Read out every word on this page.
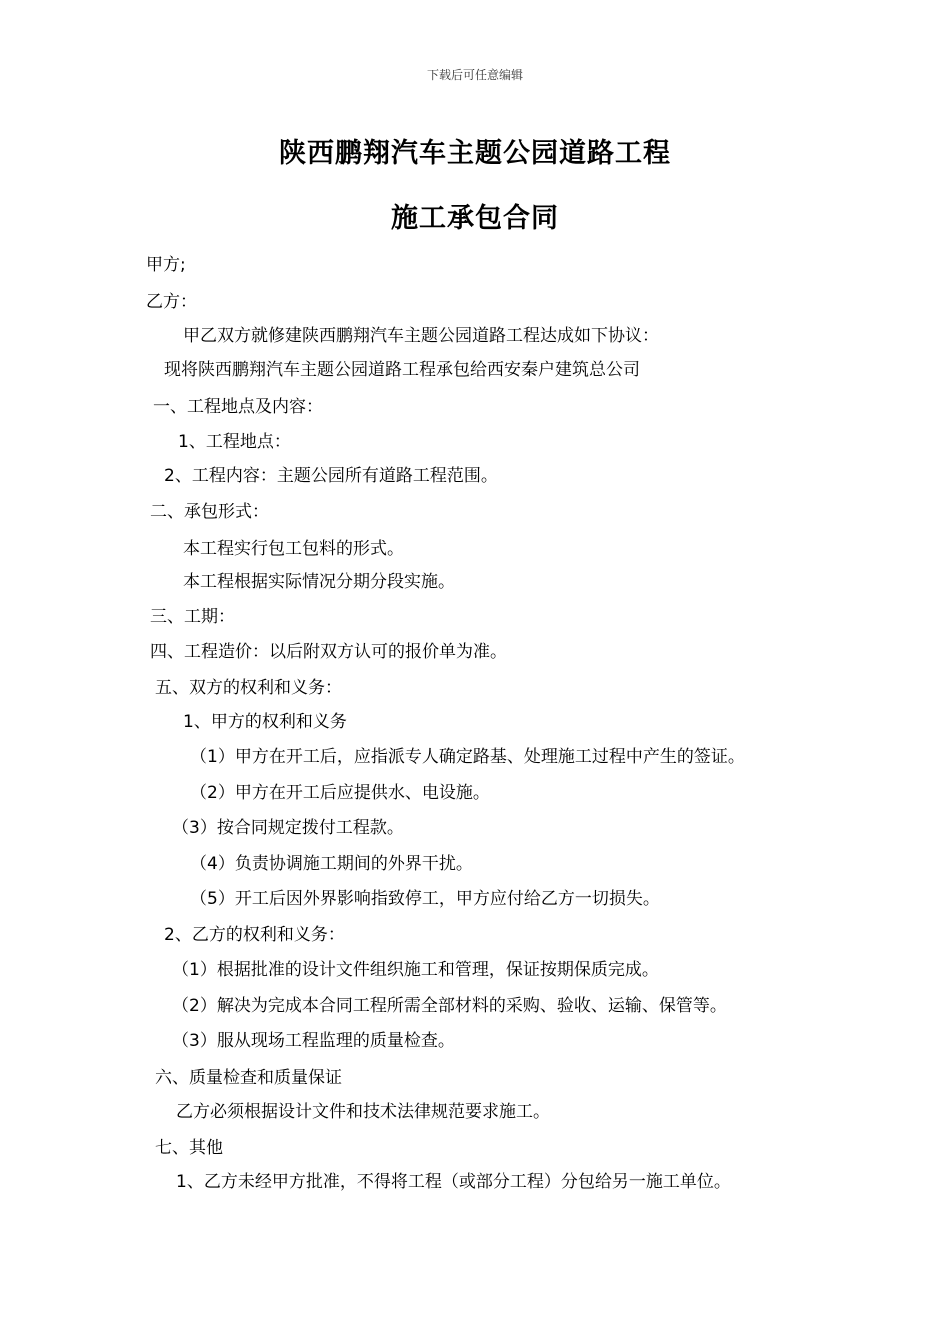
下载后可任意编辑
陕西鹏翔汽车主题公园道路工程
施工承包合同
甲方;
乙方：
甲乙双方就修建陕西鹏翔汽车主题公园道路工程达成如下协议：
现将陕西鹏翔汽车主题公园道路工程承包给西安秦户建筑总公司
一、工程地点及内容：
1、工程地点：
2、工程内容：主题公园所有道路工程范围。
二、承包形式：
本工程实行包工包料的形式。
本工程根据实际情况分期分段实施。
三、工期：
四、工程造价：以后附双方认可的报价单为准。
五、双方的权利和义务：
1、甲方的权利和义务
（1）甲方在开工后，应指派专人确定路基、处理施工过程中产生的签证。
（2）甲方在开工后应提供水、电设施。
（3）按合同规定拨付工程款。
（4）负责协调施工期间的外界干扰。
（5）开工后因外界影响指致停工，甲方应付给乙方一切损失。
2、乙方的权利和义务：
（1）根据批准的设计文件组织施工和管理，保证按期保质完成。
（2）解决为完成本合同工程所需全部材料的采购、验收、运输、保管等。
（3）服从现场工程监理的质量检查。
六、质量检查和质量保证
乙方必须根据设计文件和技术法律规范要求施工。
七、其他
1、乙方未经甲方批准，不得将工程（或部分工程）分包给另一施工单位。
